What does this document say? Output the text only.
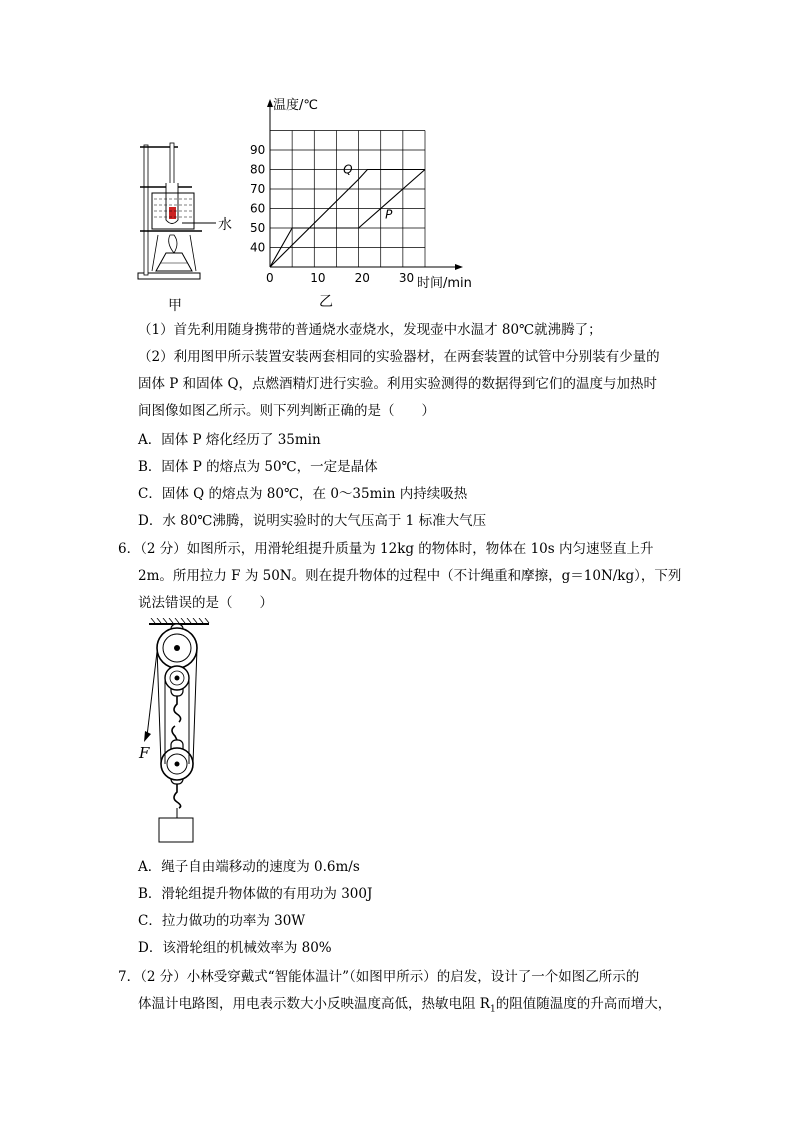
水
甲
0	10 20 30
40
50
60
70
80
90
Q
P
温度/℃
时间/min
乙
（1）首先利用随身携带的普通烧水壶烧水，发现壶中水温才 80℃就沸腾了；
（2）利用图甲所示装置安装两套相同的实验器材，在两套装置的试管中分别装有少量的
固体 P 和固体 Q，点燃酒精灯进行实验。利用实验测得的数据得到它们的温度与加热时
间图像如图乙所示。则下列判断正确的是（　　）
A．固体 P 熔化经历了 35min
B．固体 P 的熔点为 50℃，一定是晶体
C．固体 Q 的熔点为 80℃，在 0～35min 内持续吸热
D．水 80℃沸腾，说明实验时的大气压高于 1 标准大气压
6．（2 分）如图所示，用滑轮组提升质量为 12kg 的物体时，物体在 10s 内匀速竖直上升
2m。所用拉力 F 为 50N。则在提升物体的过程中（不计绳重和摩擦，g＝10N/kg），下列
说法错误的是（　　）
F
A．绳子自由端移动的速度为 0.6m/s
B．滑轮组提升物体做的有用功为 300J
C．拉力做功的功率为 30W
D．该滑轮组的机械效率为 80%
7．（2 分）小林受穿戴式“智能体温计”（如图甲所示）的启发，设计了一个如图乙所示的
体温计电路图，用电表示数大小反映温度高低，热敏电阻 $R_1$的阻值随温度的升高而增大，
